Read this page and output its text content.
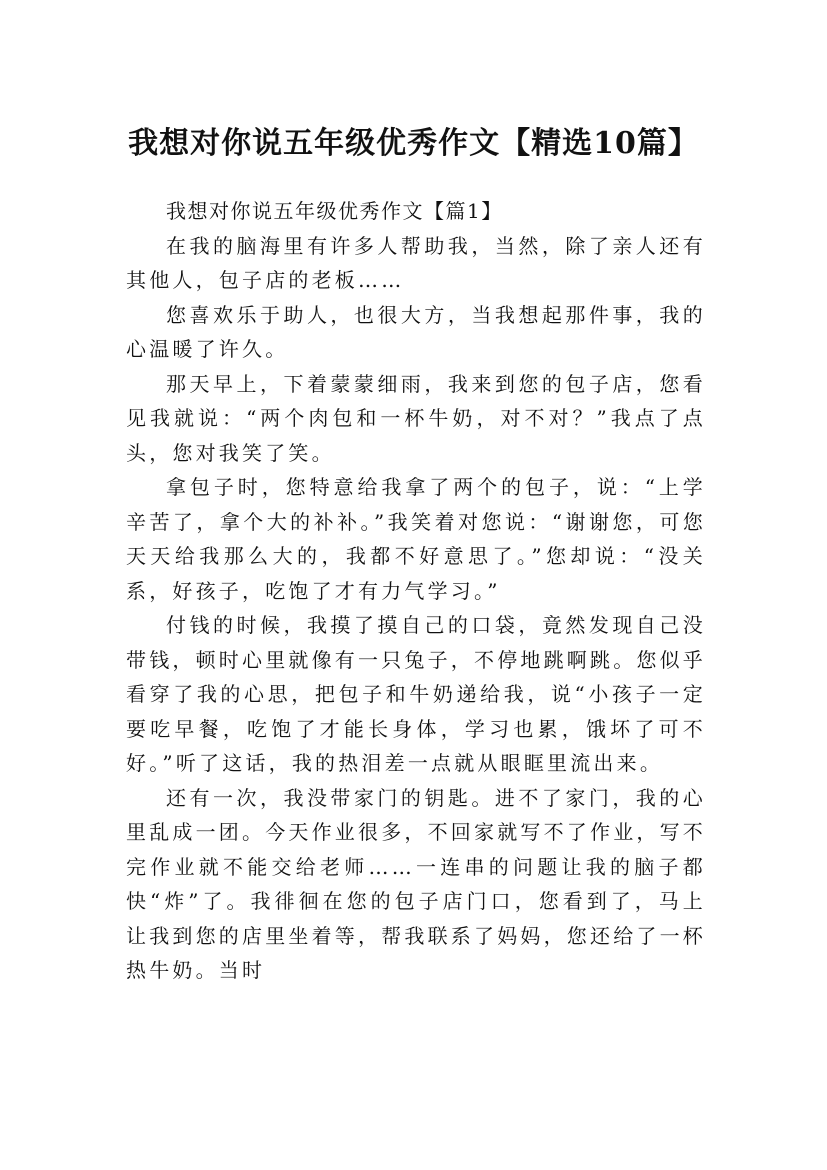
我想对你说五年级优秀作文【精选10篇】

我想对你说五年级优秀作文【篇1】

在我的脑海里有许多人帮助我，当然，除了亲人还有其他人，包子店的老板……

您喜欢乐于助人，也很大方，当我想起那件事，我的心温暖了许久。

那天早上，下着蒙蒙细雨，我来到您的包子店，您看见我就说：“两个肉包和一杯牛奶，对不对？”我点了点头，您对我笑了笑。

拿包子时，您特意给我拿了两个的包子，说：“上学辛苦了，拿个大的补补。”我笑着对您说：“谢谢您，可您天天给我那么大的，我都不好意思了。”您却说：“没关系，好孩子，吃饱了才有力气学习。”

付钱的时候，我摸了摸自己的口袋，竟然发现自己没带钱，顿时心里就像有一只兔子，不停地跳啊跳。您似乎看穿了我的心思，把包子和牛奶递给我，说“小孩子一定要吃早餐，吃饱了才能长身体，学习也累，饿坏了可不好。”听了这话，我的热泪差一点就从眼眶里流出来。

还有一次，我没带家门的钥匙。进不了家门，我的心里乱成一团。今天作业很多，不回家就写不了作业，写不完作业就不能交给老师……一连串的问题让我的脑子都快“炸”了。我徘徊在您的包子店门口，您看到了，马上让我到您的店里坐着等，帮我联系了妈妈，您还给了一杯热牛奶。当时
